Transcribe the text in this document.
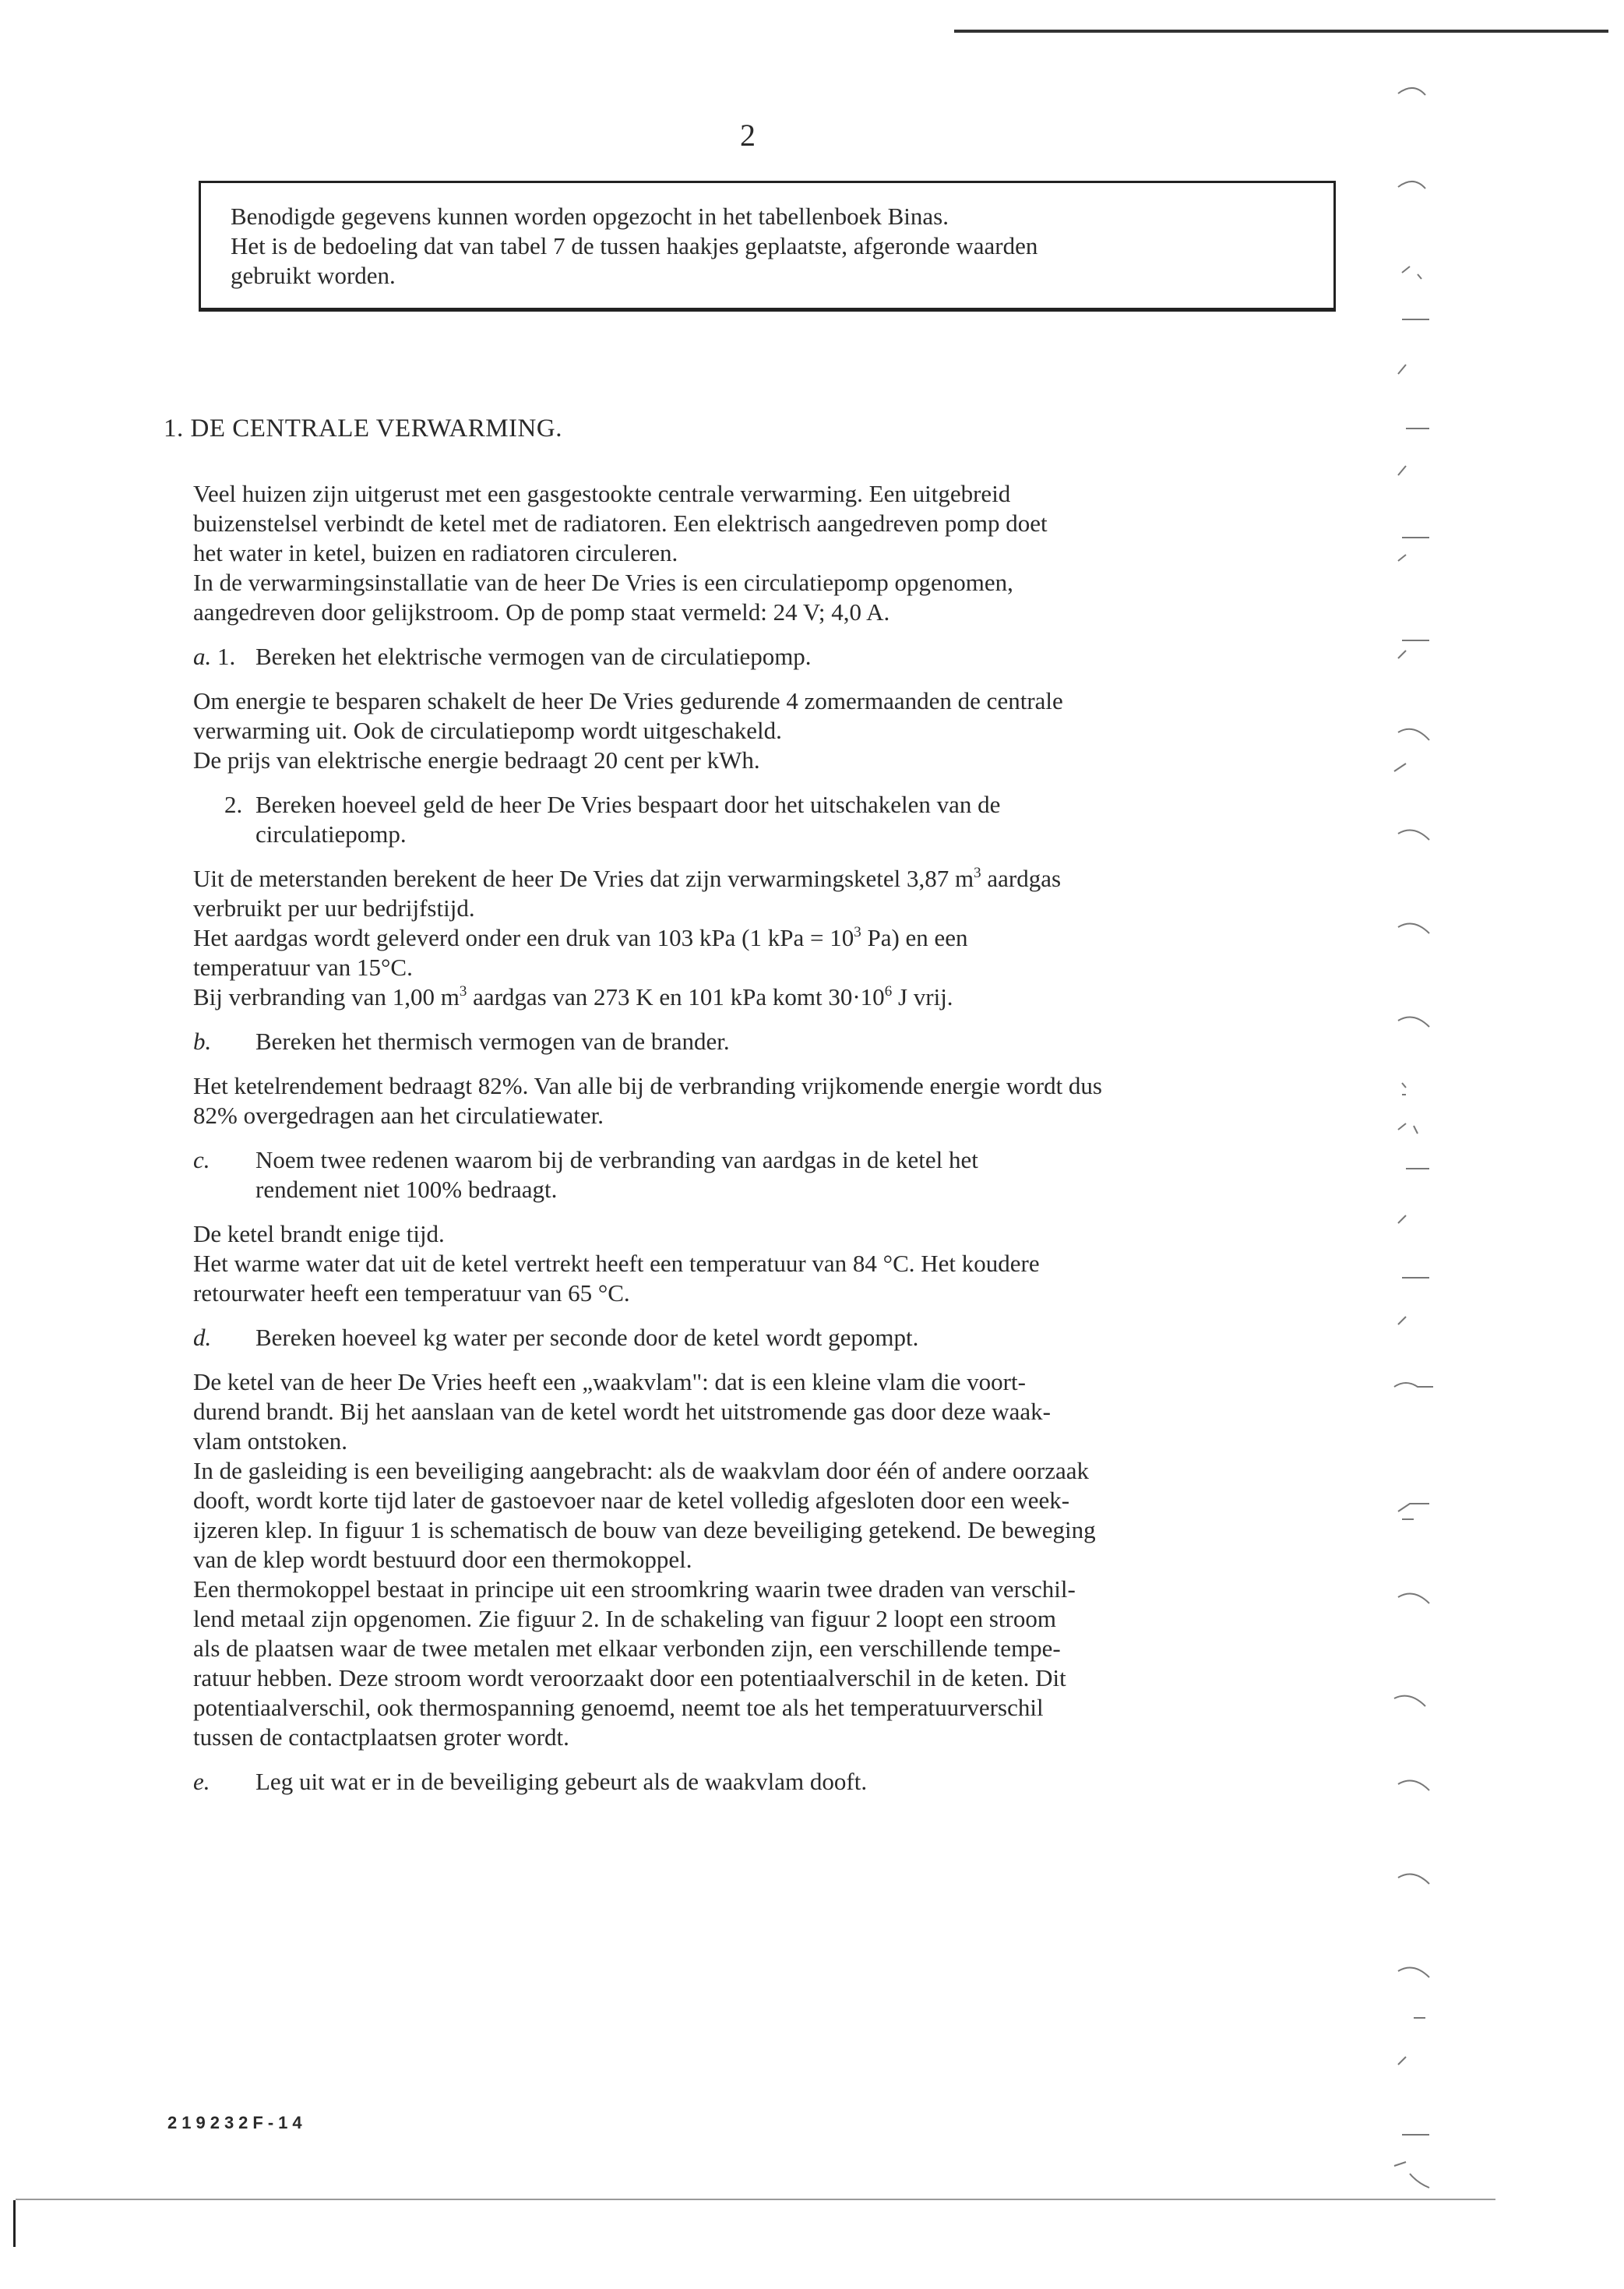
2
Benodigde gegevens kunnen worden opgezocht in het tabellenboek Binas.
Het is de bedoeling dat van tabel 7 de tussen haakjes geplaatste, afgeronde waarden
gebruikt worden.
1. DE CENTRALE VERWARMING.

Veel huizen zijn uitgerust met een gasgestookte centrale verwarming. Een uitgebreid
buizenstelsel verbindt de ketel met de radiatoren. Een elektrisch aangedreven pomp doet
het water in ketel, buizen en radiatoren circuleren.
In de verwarmingsinstallatie van de heer De Vries is een circulatiepomp opgenomen,
aangedreven door gelijkstroom. Op de pomp staat vermeld: 24 V; 4,0 A.

a. 1. Bereken het elektrische vermogen van de circulatiepomp.

Om energie te besparen schakelt de heer De Vries gedurende 4 zomermaanden de centrale
verwarming uit. Ook de circulatiepomp wordt uitgeschakeld.
De prijs van elektrische energie bedraagt 20 cent per kWh.

2. Bereken hoeveel geld de heer De Vries bespaart door het uitschakelen van de
circulatiepomp.

Uit de meterstanden berekent de heer De Vries dat zijn verwarmingsketel 3,87 $m^3$ aardgas
verbruikt per uur bedrijfstijd.
Het aardgas wordt geleverd onder een druk van 103 kPa (1 kPa = $10^3$ Pa) en een
temperatuur van 15°C.
Bij verbranding van 1,00 $m^3$ aardgas van 273 K en 101 kPa komt $30\cdot 10^6$ J vrij.

b.	Bereken het thermisch vermogen van de brander.

Het ketelrendement bedraagt 82%. Van alle bij de verbranding vrijkomende energie wordt dus
82% overgedragen aan het circulatiewater.

c.	Noem twee redenen waarom bij de verbranding van aardgas in de ketel het
rendement niet 100% bedraagt.

De ketel brandt enige tijd.
Het warme water dat uit de ketel vertrekt heeft een temperatuur van 84 °C. Het koudere
retourwater heeft een temperatuur van 65 °C.

d.	Bereken hoeveel kg water per seconde door de ketel wordt gepompt.

De ketel van de heer De Vries heeft een „waakvlam": dat is een kleine vlam die voort-
durend brandt. Bij het aanslaan van de ketel wordt het uitstromende gas door deze waak-
vlam ontstoken.
In de gasleiding is een beveiliging aangebracht: als de waakvlam door één of andere oorzaak
dooft, wordt korte tijd later de gastoevoer naar de ketel volledig afgesloten door een week-
ijzeren klep. In figuur 1 is schematisch de bouw van deze beveiliging getekend. De beweging
van de klep wordt bestuurd door een thermokoppel.
Een thermokoppel bestaat in principe uit een stroomkring waarin twee draden van verschil-
lend metaal zijn opgenomen. Zie figuur 2. In de schakeling van figuur 2 loopt een stroom
als de plaatsen waar de twee metalen met elkaar verbonden zijn, een verschillende tempe-
ratuur hebben. Deze stroom wordt veroorzaakt door een potentiaalverschil in de keten. Dit
potentiaalverschil, ook thermospanning genoemd, neemt toe als het temperatuurverschil
tussen de contactplaatsen groter wordt.

e.	Leg uit wat er in de beveiliging gebeurt als de waakvlam dooft.
219232F-14
